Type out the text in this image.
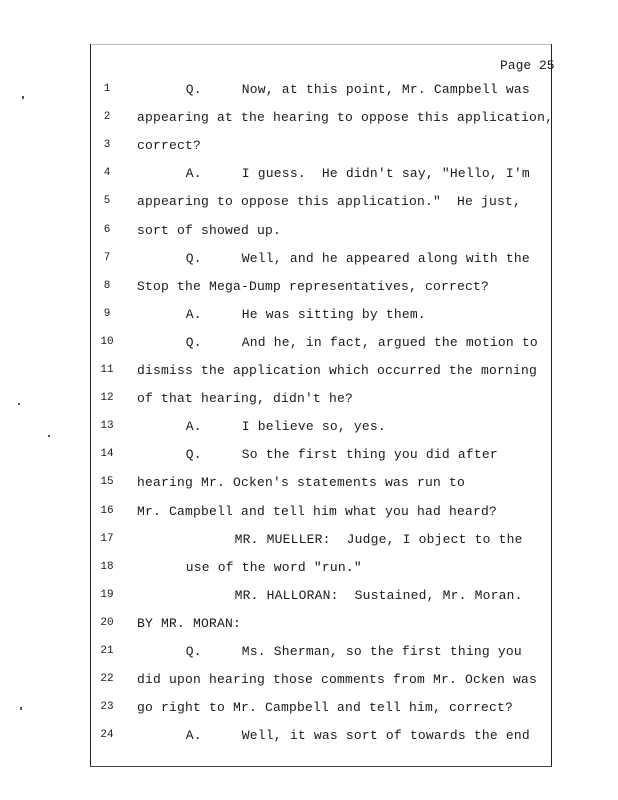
Page 25
1	Q.     Now, at this point, Mr. Campbell was
2	appearing at the hearing to oppose this application,
3	correct?
4	A.     I guess.  He didn't say, "Hello, I'm
5	appearing to oppose this application."  He just,
6	sort of showed up.
7	Q.     Well, and he appeared along with the
8	Stop the Mega-Dump representatives, correct?
9	A.     He was sitting by them.
10	Q.     And he, in fact, argued the motion to
11	dismiss the application which occurred the morning
12	of that hearing, didn't he?
13	A.     I believe so, yes.
14	Q.     So the first thing you did after
15	hearing Mr. Ocken's statements was run to
16	Mr. Campbell and tell him what you had heard?
17	MR. MUELLER:  Judge, I object to the
18	use of the word "run."
19	MR. HALLORAN:  Sustained, Mr. Moran.
20	BY MR. MORAN:
21	Q.     Ms. Sherman, so the first thing you
22	did upon hearing those comments from Mr. Ocken was
23	go right to Mr. Campbell and tell him, correct?
24	A.     Well, it was sort of towards the end
